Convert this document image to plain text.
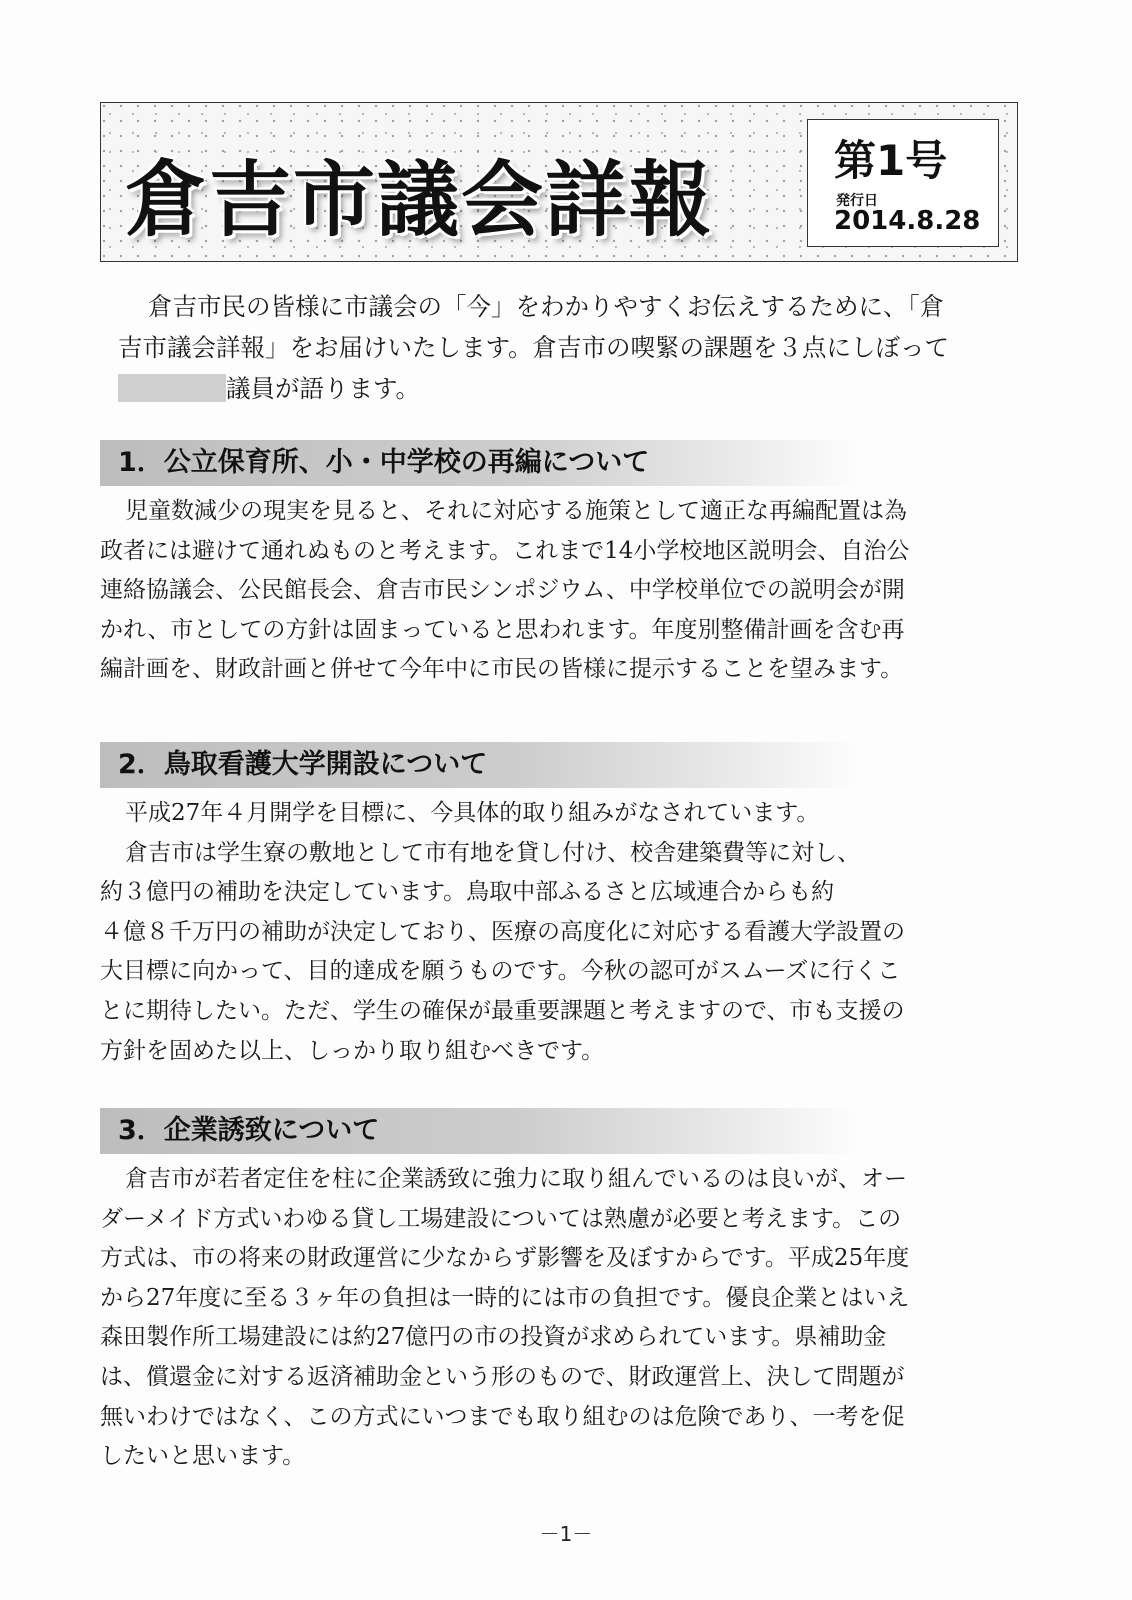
倉吉市議会詳報	第1号
発行日
2014.8.28
倉吉市民の皆様に市議会の「今」をわかりやすくお伝えするために、「倉
吉市議会詳報」をお届けいたします。倉吉市の喫緊の課題を３点にしぼって
議員が語ります。
1．公立保育所、小・中学校の再編について
児童数減少の現実を見ると、それに対応する施策として適正な再編配置は為
政者には避けて通れぬものと考えます。これまで14小学校地区説明会、自治公
連絡協議会、公民館長会、倉吉市民シンポジウム、中学校単位での説明会が開
かれ、市としての方針は固まっていると思われます。年度別整備計画を含む再
編計画を、財政計画と併せて今年中に市民の皆様に提示することを望みます。
2．鳥取看護大学開設について
平成27年４月開学を目標に、今具体的取り組みがなされています。
倉吉市は学生寮の敷地として市有地を貸し付け、校舎建築費等に対し、
約３億円の補助を決定しています。鳥取中部ふるさと広域連合からも約
４億８千万円の補助が決定しており、医療の高度化に対応する看護大学設置の
大目標に向かって、目的達成を願うものです。今秋の認可がスムーズに行くこ
とに期待したい。ただ、学生の確保が最重要課題と考えますので、市も支援の
方針を固めた以上、しっかり取り組むべきです。
3．企業誘致について
倉吉市が若者定住を柱に企業誘致に強力に取り組んでいるのは良いが、オー
ダーメイド方式いわゆる貸し工場建設については熟慮が必要と考えます。この
方式は、市の将来の財政運営に少なからず影響を及ぼすからです。平成25年度
から27年度に至る３ヶ年の負担は一時的には市の負担です。優良企業とはいえ
森田製作所工場建設には約27億円の市の投資が求められています。県補助金
は、償還金に対する返済補助金という形のもので、財政運営上、決して問題が
無いわけではなく、この方式にいつまでも取り組むのは危険であり、一考を促
したいと思います。
－1－
